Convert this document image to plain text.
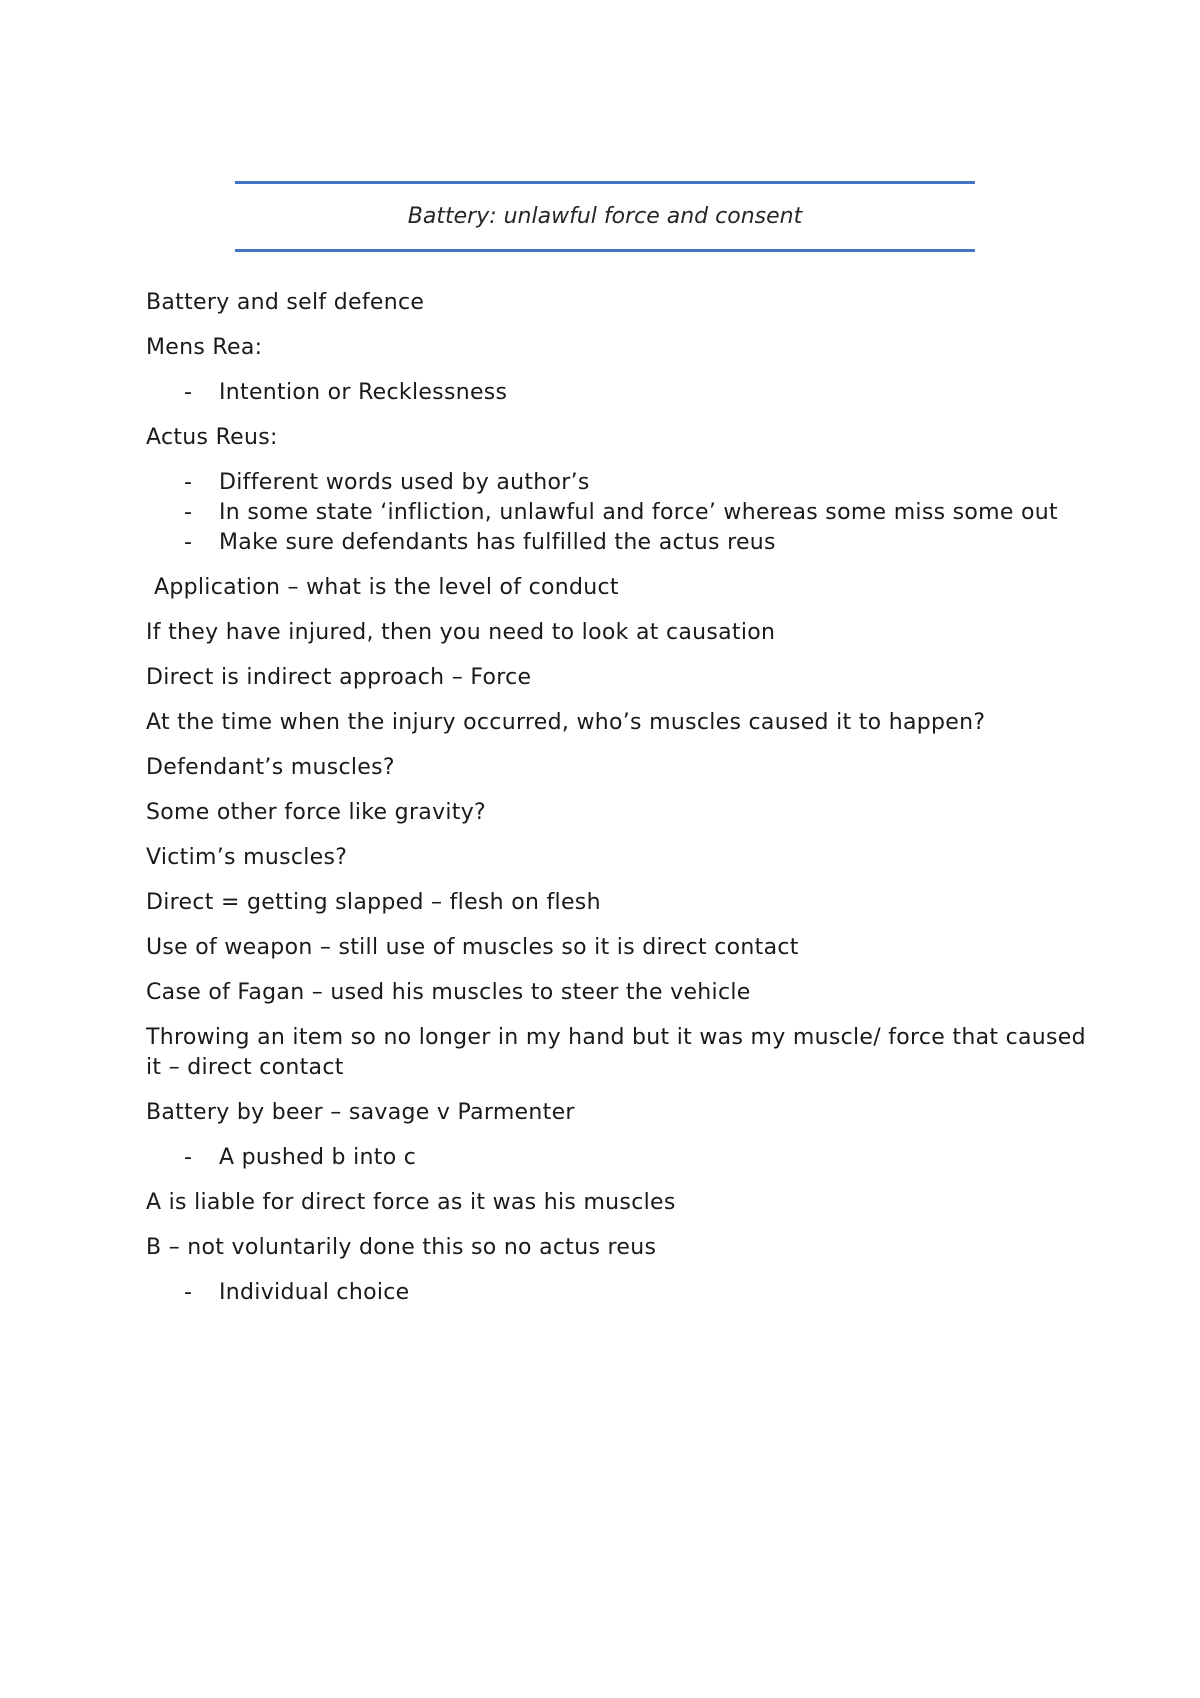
Battery: unlawful force and consent

Battery and self defence

Mens Rea:

- Intention or Recklessness

Actus Reus:

- Different words used by author’s
- In some state ‘infliction, unlawful and force’ whereas some miss some out
- Make sure defendants has fulfilled the actus reus

Application – what is the level of conduct

If they have injured, then you need to look at causation

Direct is indirect approach – Force

At the time when the injury occurred, who’s muscles caused it to happen?

Defendant’s muscles?

Some other force like gravity?

Victim’s muscles?

Direct = getting slapped – flesh on flesh

Use of weapon – still use of muscles so it is direct contact

Case of Fagan – used his muscles to steer the vehicle

Throwing an item so no longer in my hand but it was my muscle/ force that caused it – direct contact

Battery by beer – savage v Parmenter

- A pushed b into c

A is liable for direct force as it was his muscles

B – not voluntarily done this so no actus reus

- Individual choice
